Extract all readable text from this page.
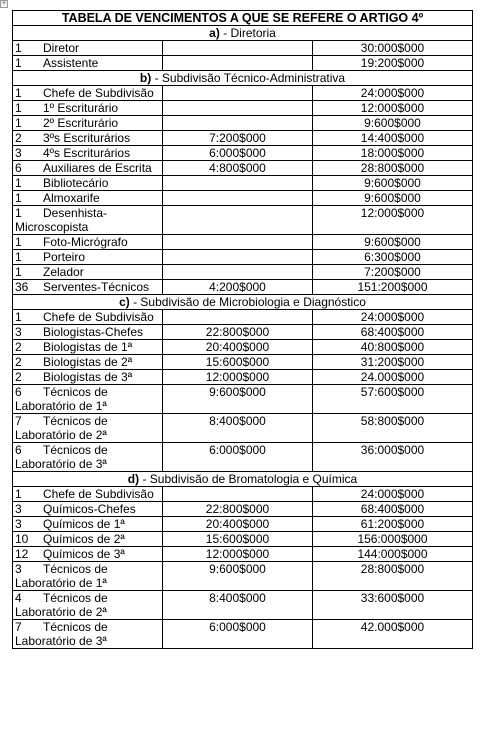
+
TABELA DE VENCIMENTOS A QUE SE REFERE O ARTIGO 4º		
a) - Diretoria		
1 Diretor		30:000$000
1 Assistente		19:200$000
b) - Subdivisão Técnico-Administrativa		
1 Chefe de Subdivisão		24:000$000
1 1º Escriturário		12:000$000
1 2º Escriturário		9:600$000
2 3ºs Escriturários	7:200$000	14:400$000
3 4ºs Escriturários	6:000$000	18:000$000
6 Auxiliares de Escrita	4:800$000	28:800$000
1 Bibliotecário		9:600$000
1 Almoxarife		9:600$000
1 Desenhista-Microscopista		12:000$000
1 Foto-Micrógrafo		9:600$000
1 Porteiro		6:300$000
1 Zelador		7:200$000
36 Serventes-Técnicos	4:200$000	151:200$000
c) - Subdivisão de Microbiologia e Diagnóstico		
1 Chefe de Subdivisão		24:000$000
3 Biologistas-Chefes	22:800$000	68:400$000
2 Biologistas de 1ª	20:400$000	40:800$000
2 Biologistas de 2ª	15:600$000	31:200$000
2 Biologistas de 3ª	12:000$000	24.000$000
6 Técnicos de Laboratório de 1ª	9:600$000	57:600$000
7 Técnicos de Laboratório de 2ª	8:400$000	58:800$000
6 Técnicos de Laboratório de 3ª	6:000$000	36:000$000
d) - Subdivisão de Bromatologia e Química		
1 Chefe de Subdivisão		24:000$000
3 Químicos-Chefes	22:800$000	68:400$000
3 Químicos de 1ª	20:400$000	61:200$000
10 Químicos de 2ª	15:600$000	156:000$000
12 Químicos de 3ª	12:000$000	144:000$000
3 Técnicos de Laboratório de 1ª	9:600$000	28:800$000
4 Técnicos de Laboratório de 2ª	8:400$000	33:600$000
7 Técnicos de Laboratório de 3ª	6:000$000	42.000$000
